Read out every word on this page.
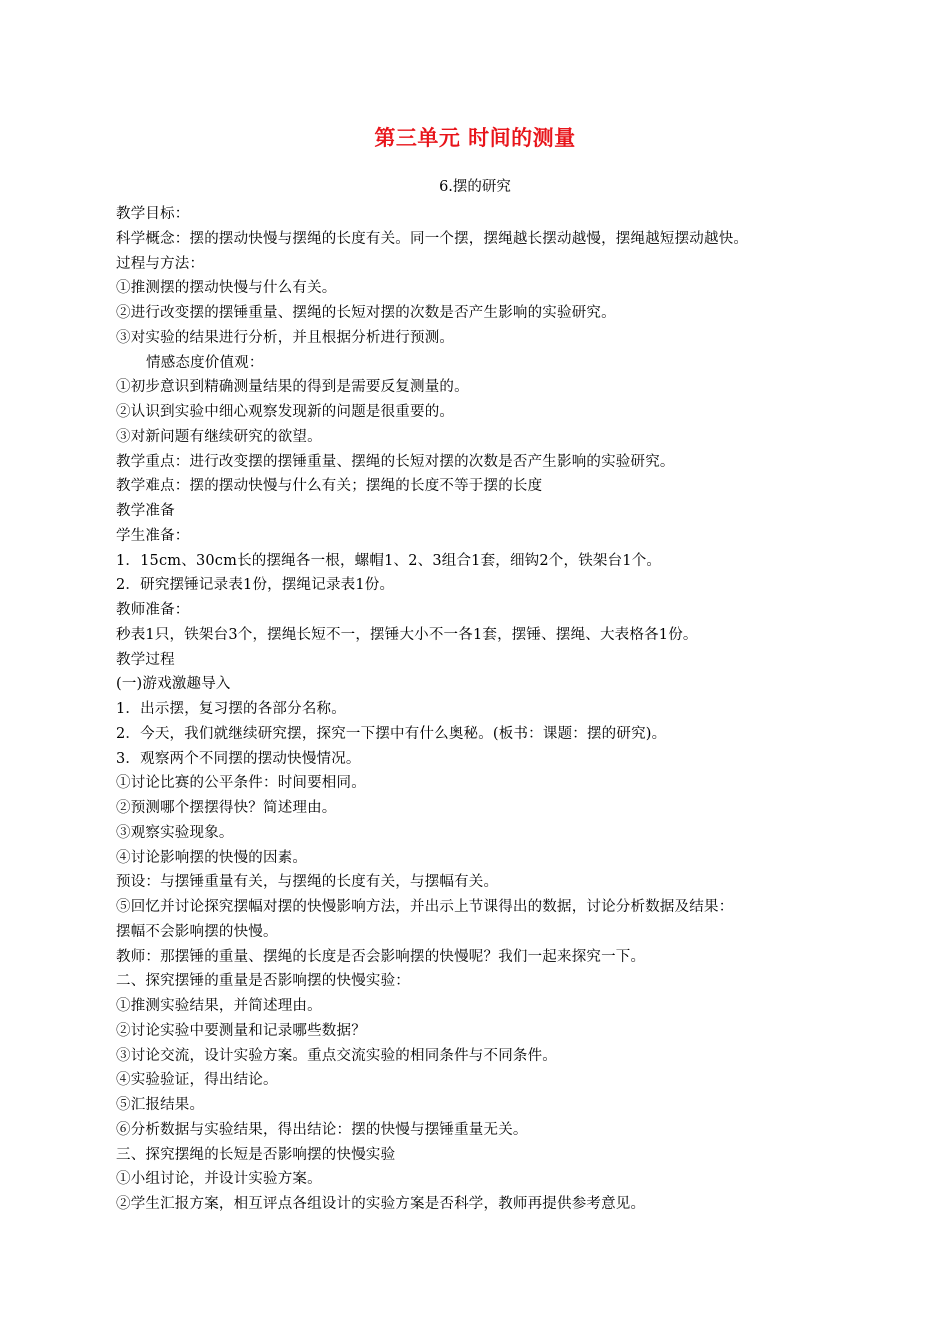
第三单元 时间的测量
6.摆的研究
教学目标：
科学概念：摆的摆动快慢与摆绳的长度有关。同一个摆，摆绳越长摆动越慢，摆绳越短摆动越快。
过程与方法：
①推测摆的摆动快慢与什么有关。
②进行改变摆的摆锤重量、摆绳的长短对摆的次数是否产生影响的实验研究。
③对实验的结果进行分析，并且根据分析进行预测。
情感态度价值观：
①初步意识到精确测量结果的得到是需要反复测量的。
②认识到实验中细心观察发现新的问题是很重要的。
③对新问题有继续研究的欲望。
教学重点：进行改变摆的摆锤重量、摆绳的长短对摆的次数是否产生影响的实验研究。
教学难点：摆的摆动快慢与什么有关；摆绳的长度不等于摆的长度
教学准备
学生准备：
1．15cm、30cm长的摆绳各一根，螺帽1、2、3组合1套，细钩2个，铁架台1个。
2．研究摆锤记录表1份，摆绳记录表1份。
教师准备：
秒表1只，铁架台3个，摆绳长短不一，摆锤大小不一各1套，摆锤、摆绳、大表格各1份。
教学过程
(一)游戏激趣导入
1．出示摆，复习摆的各部分名称。
2．今天，我们就继续研究摆，探究一下摆中有什么奥秘。(板书：课题：摆的研究)。
3．观察两个不同摆的摆动快慢情况。
①讨论比赛的公平条件：时间要相同。
②预测哪个摆摆得快？简述理由。
③观察实验现象。
④讨论影响摆的快慢的因素。
预设：与摆锤重量有关，与摆绳的长度有关，与摆幅有关。
⑤回忆并讨论探究摆幅对摆的快慢影响方法，并出示上节课得出的数据，讨论分析数据及结果：
摆幅不会影响摆的快慢。
教师：那摆锤的重量、摆绳的长度是否会影响摆的快慢呢？我们一起来探究一下。
二、探究摆锤的重量是否影响摆的快慢实验：
①推测实验结果，并简述理由。
②讨论实验中要测量和记录哪些数据？
③讨论交流，设计实验方案。重点交流实验的相同条件与不同条件。
④实验验证，得出结论。
⑤汇报结果。
⑥分析数据与实验结果，得出结论：摆的快慢与摆锤重量无关。
三、探究摆绳的长短是否影响摆的快慢实验
①小组讨论，并设计实验方案。
②学生汇报方案，相互评点各组设计的实验方案是否科学，教师再提供参考意见。
